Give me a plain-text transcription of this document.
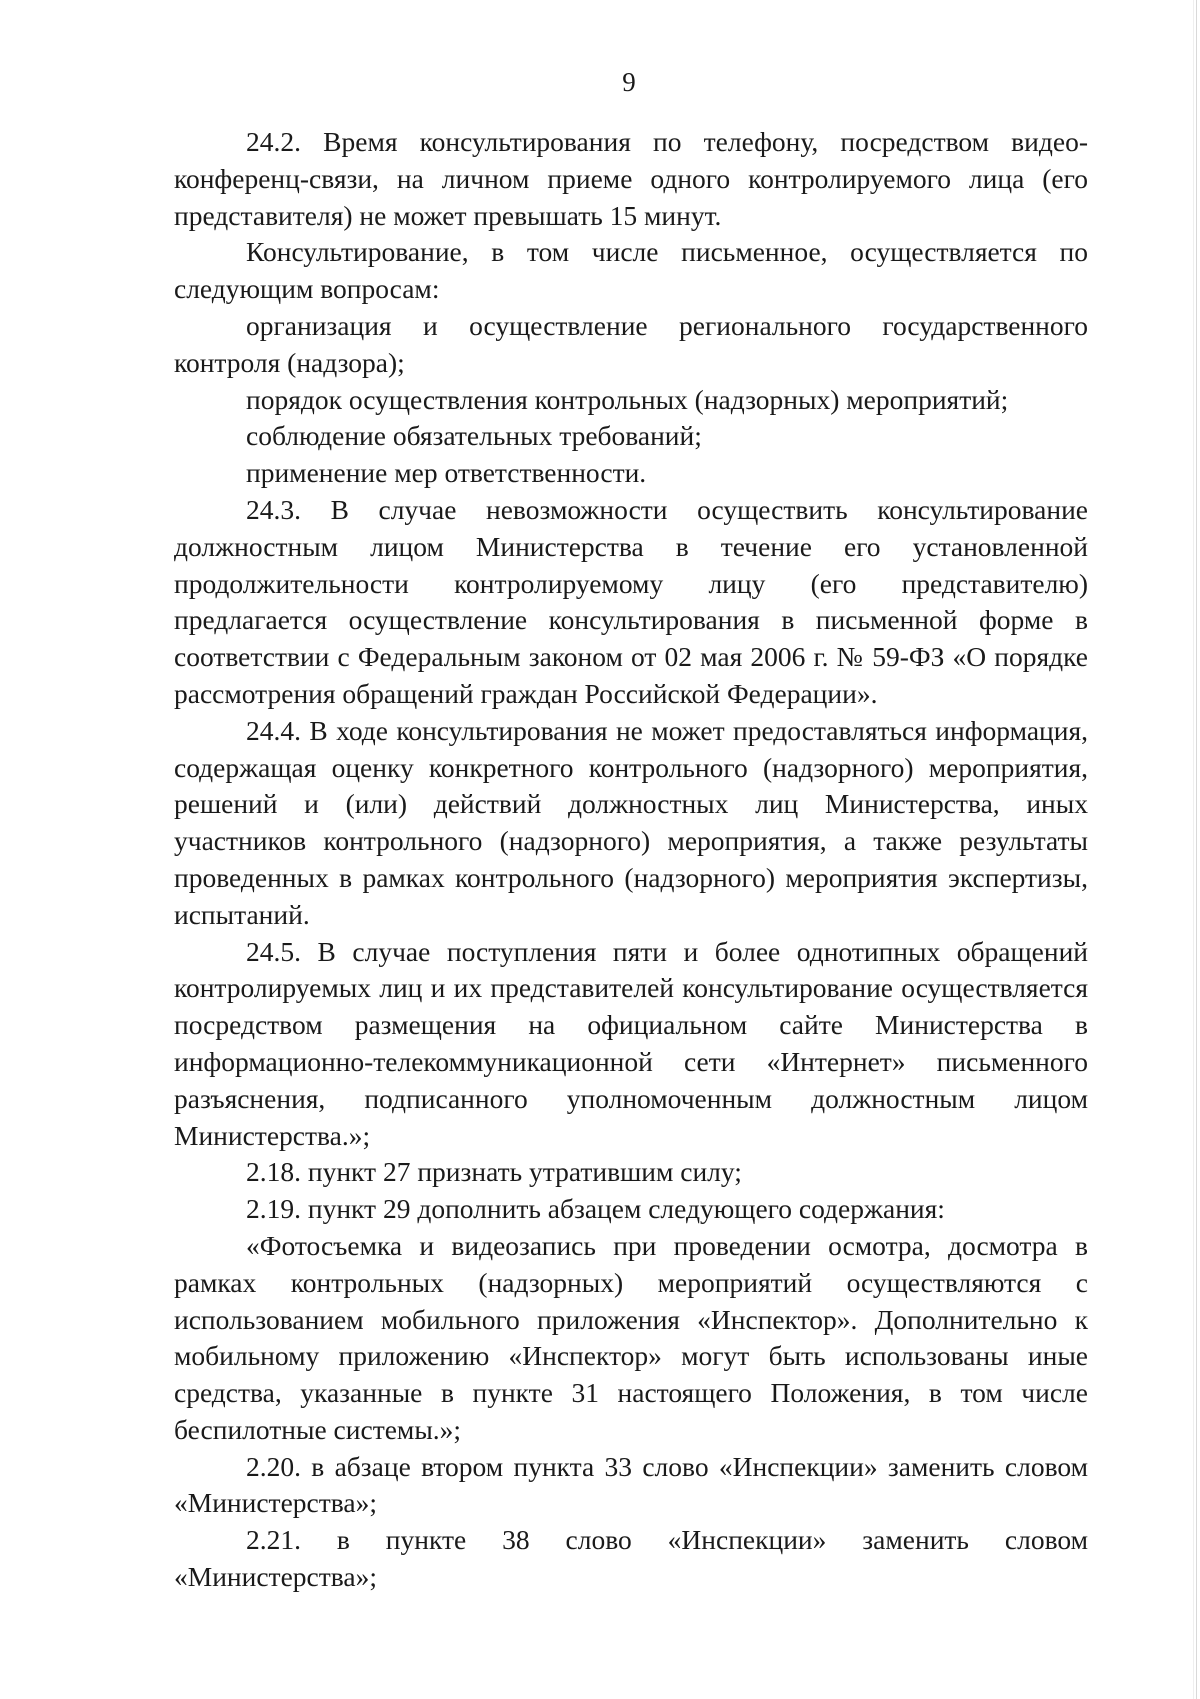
9

24.2. Время консультирования по телефону, посредством видео-конференц-связи, на личном приеме одного контролируемого лица (его представителя) не может превышать 15 минут.

Консультирование, в том числе письменное, осуществляется по следующим вопросам:

организация и осуществление регионального государственного контроля (надзора);

порядок осуществления контрольных (надзорных) мероприятий;

соблюдение обязательных требований;

применение мер ответственности.

24.3. В случае невозможности осуществить консультирование должностным лицом Министерства в течение его установленной продолжительности контролируемому лицу (его представителю) предлагается осуществление консультирования в письменной форме в соответствии с Федеральным законом от 02 мая 2006 г. № 59-ФЗ «О порядке рассмотрения обращений граждан Российской Федерации».

24.4. В ходе консультирования не может предоставляться информация, содержащая оценку конкретного контрольного (надзорного) мероприятия, решений и (или) действий должностных лиц Министерства, иных участников контрольного (надзорного) мероприятия, а также результаты проведенных в рамках контрольного (надзорного) мероприятия экспертизы, испытаний.

24.5. В случае поступления пяти и более однотипных обращений контролируемых лиц и их представителей консультирование осуществляется посредством размещения на официальном сайте Министерства в информационно-телекоммуникационной сети «Интернет» письменного разъяснения, подписанного уполномоченным должностным лицом Министерства.»;

2.18. пункт 27 признать утратившим силу;

2.19. пункт 29 дополнить абзацем следующего содержания:

«Фотосъемка и видеозапись при проведении осмотра, досмотра в рамках контрольных (надзорных) мероприятий осуществляются с использованием мобильного приложения «Инспектор». Дополнительно к мобильному приложению «Инспектор» могут быть использованы иные средства, указанные в пункте 31 настоящего Положения, в том числе беспилотные системы.»;

2.20. в абзаце втором пункта 33 слово «Инспекции» заменить словом «Министерства»;

2.21. в пункте 38 слово «Инспекции» заменить словом «Министерства»;
